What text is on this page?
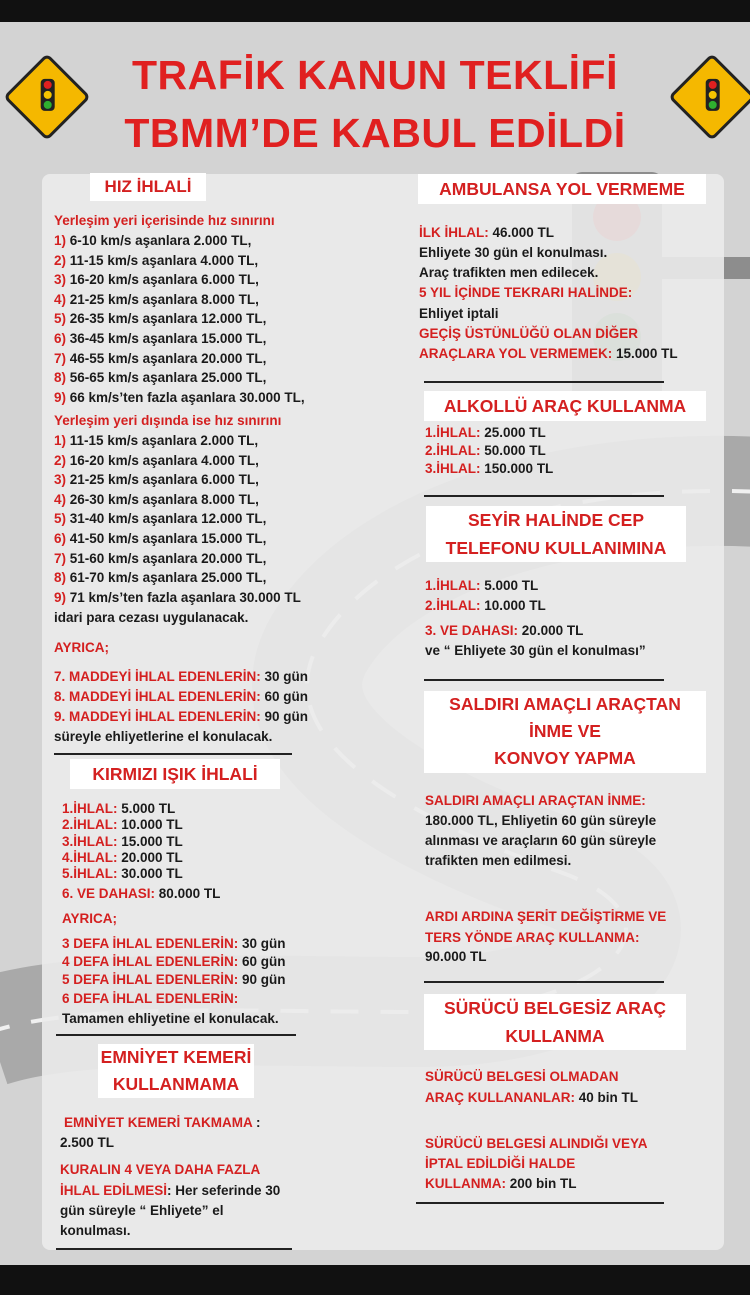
TRAFİK KANUN TEKLİFİ
TBMM’DE KABUL EDİLDİ
HIZ İHLALİ
Yerleşim yeri içerisinde hız sınırını
1) 6-10 km/s aşanlara 2.000 TL,
2) 11-15 km/s aşanlara 4.000 TL,
3) 16-20 km/s aşanlara 6.000 TL,
4) 21-25 km/s aşanlara 8.000 TL,
5) 26-35 km/s aşanlara 12.000 TL,
6) 36-45 km/s aşanlara 15.000 TL,
7) 46-55 km/s aşanlara 20.000 TL,
8) 56-65 km/s aşanlara 25.000 TL,
9) 66 km/s’ten fazla aşanlara 30.000 TL,
Yerleşim yeri dışında ise hız sınırını
1) 11-15 km/s aşanlara 2.000 TL,
2) 16-20 km/s aşanlara 4.000 TL,
3) 21-25 km/s aşanlara 6.000 TL,
4) 26-30 km/s aşanlara 8.000 TL,
5) 31-40 km/s aşanlara 12.000 TL,
6) 41-50 km/s aşanlara 15.000 TL,
7) 51-60 km/s aşanlara 20.000 TL,
8) 61-70 km/s aşanlara 25.000 TL,
9) 71 km/s’ten fazla aşanlara 30.000 TL
idari para cezası uygulanacak.
AYRICA;
7. MADDEYİ İHLAL EDENLERİN: 30 gün
8. MADDEYİ İHLAL EDENLERİN: 60 gün
9. MADDEYİ İHLAL EDENLERİN: 90 gün
süreyle ehliyetlerine el konulacak.
KIRMIZI IŞIK İHLALİ
1.İHLAL: 5.000 TL
2.İHLAL: 10.000 TL
3.İHLAL: 15.000 TL
4.İHLAL: 20.000 TL
5.İHLAL: 30.000 TL
6. VE DAHASI: 80.000 TL
AYRICA;
3 DEFA İHLAL EDENLERİN: 30 gün
4 DEFA İHLAL EDENLERİN: 60 gün
5 DEFA İHLAL EDENLERİN: 90 gün
6 DEFA İHLAL EDENLERİN:
Tamamen ehliyetine el konulacak.
EMNİYET KEMERİ
KULLANMAMA
EMNİYET KEMERİ TAKMAMA :
2.500 TL
KURALIN 4 VEYA DAHA FAZLA
İHLAL EDİLMESİ: Her seferinde 30
gün süreyle “ Ehliyete” el
konulması.
AMBULANSA YOL VERMEME
İLK İHLAL: 46.000 TL
Ehliyete 30 gün el konulması.
Araç trafikten men edilecek.
5 YIL İÇİNDE TEKRARI HALİNDE:
Ehliyet iptali
GEÇİŞ ÜSTÜNLÜĞÜ OLAN DİĞER
ARAÇLARA YOL VERMEMEK: 15.000 TL
ALKOLLÜ ARAÇ KULLANMA
1.İHLAL: 25.000 TL
2.İHLAL: 50.000 TL
3.İHLAL: 150.000 TL
SEYİR HALİNDE CEP
TELEFONU KULLANIMINA
1.İHLAL: 5.000 TL
2.İHLAL: 10.000 TL
3. VE DAHASI: 20.000 TL
ve “ Ehliyete 30 gün el konulması”
SALDIRI AMAÇLI ARAÇTAN
İNME VE
KONVOY YAPMA
SALDIRI AMAÇLI ARAÇTAN İNME:
180.000 TL, Ehliyetin 60 gün süreyle
alınması ve araçların 60 gün süreyle
trafikten men edilmesi.
ARDI ARDINA ŞERİT DEĞİŞTİRME VE
TERS YÖNDE ARAÇ KULLANMA:
90.000 TL
SÜRÜCÜ BELGESİZ ARAÇ
KULLANMA
SÜRÜCÜ BELGESİ OLMADAN
ARAÇ KULLANANLAR: 40 bin TL
SÜRÜCÜ BELGESİ ALINDIĞI VEYA
İPTAL EDİLDİĞİ HALDE
KULLANMA: 200 bin TL
